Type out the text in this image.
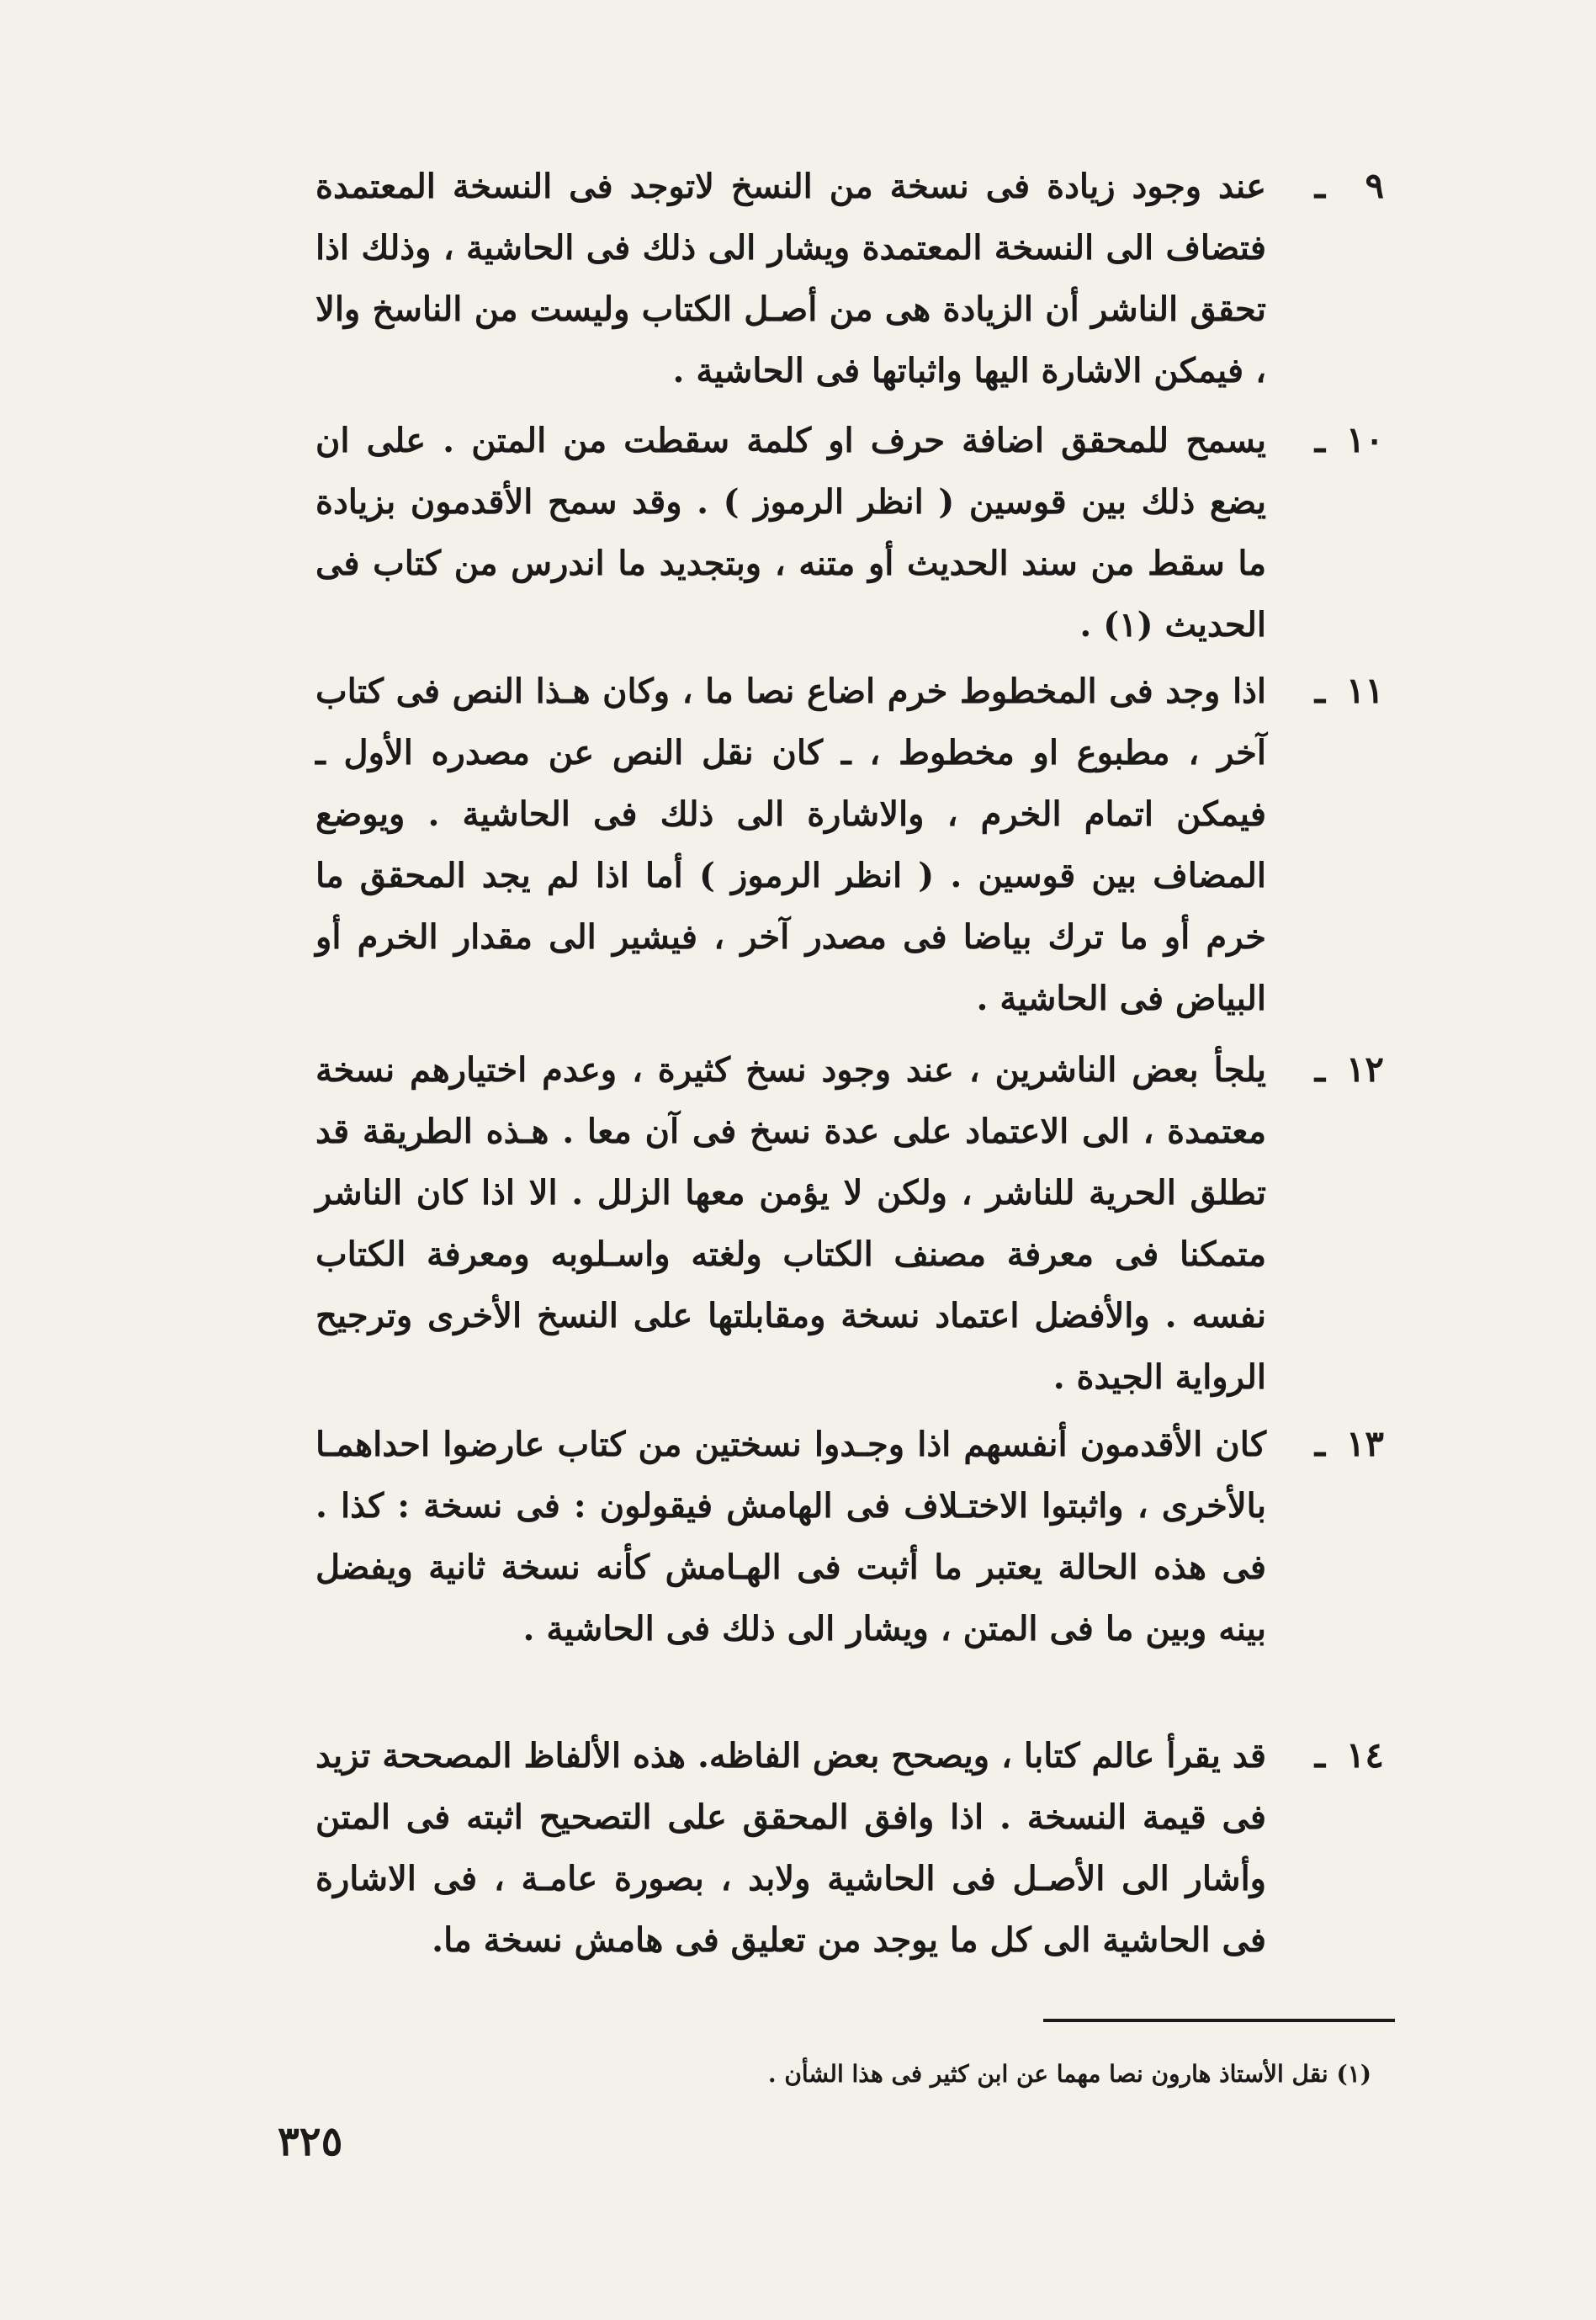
٩
ـ

عند وجود زيادة فى نسخة من النسخ لاتوجد فى النسخة المعتمدة فتضاف الى النسخة المعتمدة ويشار الى ذلك فى الحاشية ، وذلك اذا تحقق الناشر أن الزيادة هى من أصـل الكتاب وليست من الناسخ والا ، فيمكن الاشارة اليها واثباتها فى الحاشية .

١٠
ـ

يسمح للمحقق اضافة حرف او كلمة سقطت من المتن . على ان يضع ذلك بين قوسين ( انظر الرموز ) . وقد سمح الأقدمون بزيادة ما سقط من سند الحديث أو متنه ، وبتجديد ما اندرس من كتاب فى الحديث (١) .

١١
ـ

اذا وجد فى المخطوط خرم اضاع نصا ما ، وكان هـذا النص فى كتاب آخر ، مطبوع او مخطوط ، ـ كان نقل النص عن مصدره الأول ـ فيمكن اتمام الخرم ، والاشارة الى ذلك فى الحاشية . ويوضع المضاف بين قوسين . ( انظر الرموز ) أما اذا لم يجد المحقق ما خرم أو ما ترك بياضا فى مصدر آخر ، فيشير الى مقدار الخرم أو البياض فى الحاشية .

١٢
ـ

يلجأ بعض الناشرين ، عند وجود نسخ كثيرة ، وعدم اختيارهم نسخة معتمدة ، الى الاعتماد على عدة نسخ فى آن معا . هـذه الطريقة قد تطلق الحرية للناشر ، ولكن لا يؤمن معها الزلل . الا اذا كان الناشر متمكنا فى معرفة مصنف الكتاب ولغته واسـلوبه ومعرفة الكتاب نفسه . والأفضل اعتماد نسخة ومقابلتها على النسخ الأخرى وترجيح الرواية الجيدة .

١٣
ـ

كان الأقدمون أنفسهم اذا وجـدوا نسختين من كتاب عارضوا احداهمـا بالأخرى ، واثبتوا الاختـلاف فى الهامش فيقولون : فى نسخة : كذا . فى هذه الحالة يعتبر ما أثبت فى الهـامش كأنه نسخة ثانية ويفضل بينه وبين ما فى المتن ، ويشار الى ذلك فى الحاشية .

١٤
ـ

قد يقرأ عالم كتابا ، ويصحح بعض الفاظه. هذه الألفاظ المصححة تزيد فى قيمة النسخة . اذا وافق المحقق على التصحيح اثبته فى المتن وأشار الى الأصـل فى الحاشية ولابد ، بصورة عامـة ، فى الاشارة فى الحاشية الى كل ما يوجد من تعليق فى هامش نسخة ما.

(١) نقل الأستاذ هارون نصا مهما عن ابن كثير فى هذا الشأن .
٣٢٥
